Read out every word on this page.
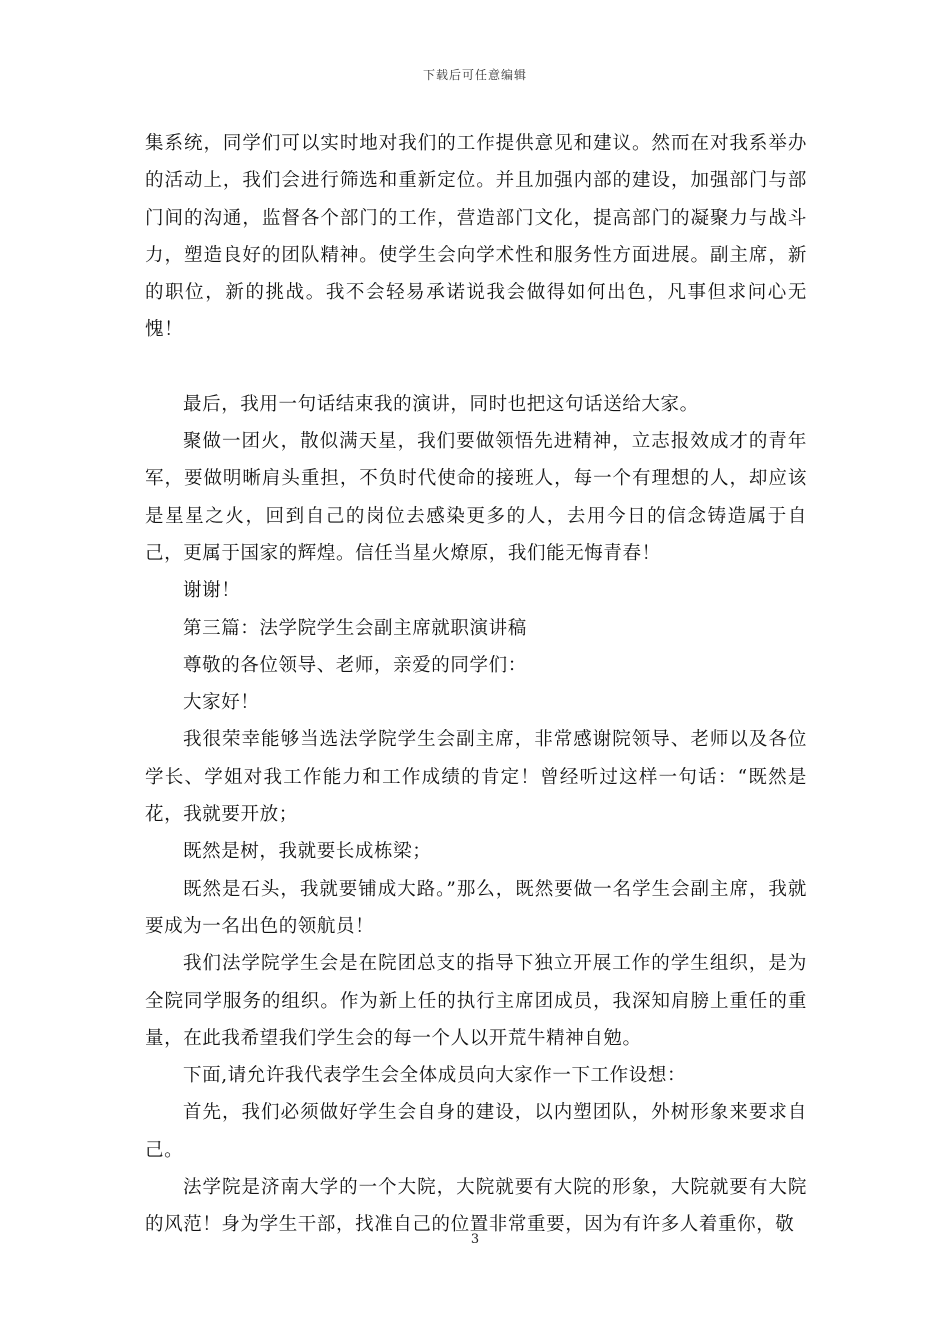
下载后可任意编辑

集系统，同学们可以实时地对我们的工作提供意见和建议。然而在对我系举办的活动上，我们会进行筛选和重新定位。并且加强内部的建设，加强部门与部门间的沟通，监督各个部门的工作，营造部门文化，提高部门的凝聚力与战斗力，塑造良好的团队精神。使学生会向学术性和服务性方面进展。副主席，新的职位，新的挑战。我不会轻易承诺说我会做得如何出色，凡事但求问心无愧！

最后，我用一句话结束我的演讲，同时也把这句话送给大家。

聚做一团火，散似满天星，我们要做领悟先进精神，立志报效成才的青年军，要做明晰肩头重担，不负时代使命的接班人，每一个有理想的人，却应该是星星之火，回到自己的岗位去感染更多的人，去用今日的信念铸造属于自己，更属于国家的辉煌。信任当星火燎原，我们能无悔青春！

谢谢！

第三篇：法学院学生会副主席就职演讲稿

尊敬的各位领导、老师，亲爱的同学们：

大家好！

我很荣幸能够当选法学院学生会副主席，非常感谢院领导、老师以及各位学长、学姐对我工作能力和工作成绩的肯定！曾经听过这样一句话：“既然是花，我就要开放；

既然是树，我就要长成栋梁；

既然是石头，我就要铺成大路。”那么，既然要做一名学生会副主席，我就要成为一名出色的领航员！

我们法学院学生会是在院团总支的指导下独立开展工作的学生组织，是为全院同学服务的组织。作为新上任的执行主席团成员，我深知肩膀上重任的重量，在此我希望我们学生会的每一个人以开荒牛精神自勉。

下面,请允许我代表学生会全体成员向大家作一下工作设想：

首先，我们必须做好学生会自身的建设，以内塑团队，外树形象来要求自己。

法学院是济南大学的一个大院，大院就要有大院的形象，大院就要有大院的风范！身为学生干部，找准自己的位置非常重要，因为有许多人着重你，敬

3
